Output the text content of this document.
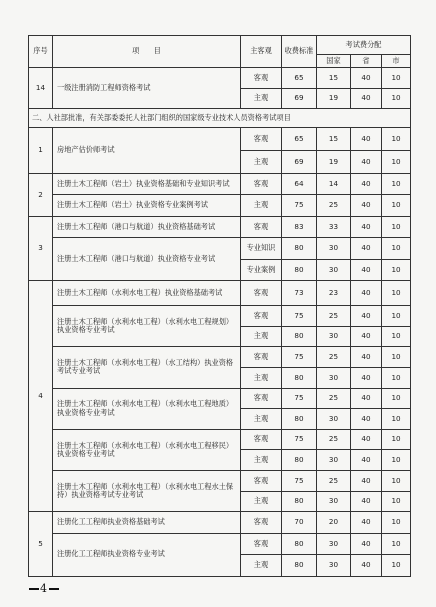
序号	项　　目	主客观	收费标准	考试费分配		
				国家	省	市
14	一级注册消防工程师资格考试	客观	65	15	40	10
		主观	69	19	40	10
二、人社部批准，有关部委委托人社部门组织的国家级专业技术人员资格考试项目						
1	房地产估价师考试	客观	65	15	40	10
		主观	69	19	40	10
2	注册土木工程师（岩土）执业资格基础和专业知识考试	客观	64	14	40	10
	注册土木工程师（岩土）执业资格专业案例考试	主观	75	25	40	10
3	注册土木工程师（港口与航道）执业资格基础考试	客观	83	33	40	10
	注册土木工程师（港口与航道）执业资格专业考试	专业知识	80	30	40	10
		专业案例	80	30	40	10
4	注册土木工程师（水利水电工程）执业资格基础考试	客观	73	23	40	10
	注册土木工程师（水利水电工程）（水利水电工程规划）执业资格专业考试	客观	75	25	40	10
		主观	80	30	40	10
	注册土木工程师（水利水电工程）（水工结构）执业资格考试专业考试	客观	75	25	40	10
		主观	80	30	40	10
	注册土木工程师（水利水电工程）（水利水电工程地质）执业资格专业考试	客观	75	25	40	10
		主观	80	30	40	10
	注册土木工程师（水利水电工程）（水利水电工程移民）执业资格专业考试	客观	75	25	40	10
		主观	80	30	40	10
	注册土木工程师（水利水电工程）（水利水电工程水土保持）执业资格考试专业考试	客观	75	25	40	10
		主观	80	30	40	10
5	注册化工工程师执业资格基础考试	客观	70	20	40	10
	注册化工工程师执业资格专业考试	客观	80	30	40	10
		主观	80	30	40	10
4
